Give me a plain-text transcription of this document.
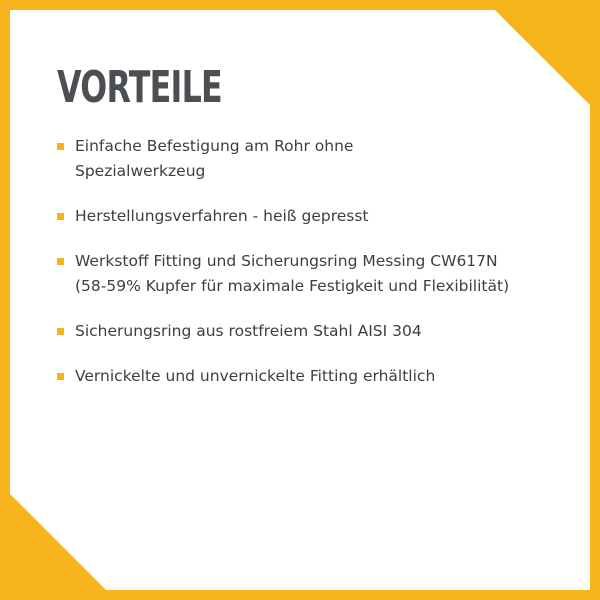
VORTEILE
Einfache Befestigung am Rohr ohne
Spezialwerkzeug
Herstellungsverfahren - heiß gepresst
Werkstoff Fitting und Sicherungsring Messing CW617N
(58-59% Kupfer für maximale Festigkeit und Flexibilität)
Sicherungsring aus rostfreiem Stahl AISI 304
Vernickelte und unvernickelte Fitting erhältlich
